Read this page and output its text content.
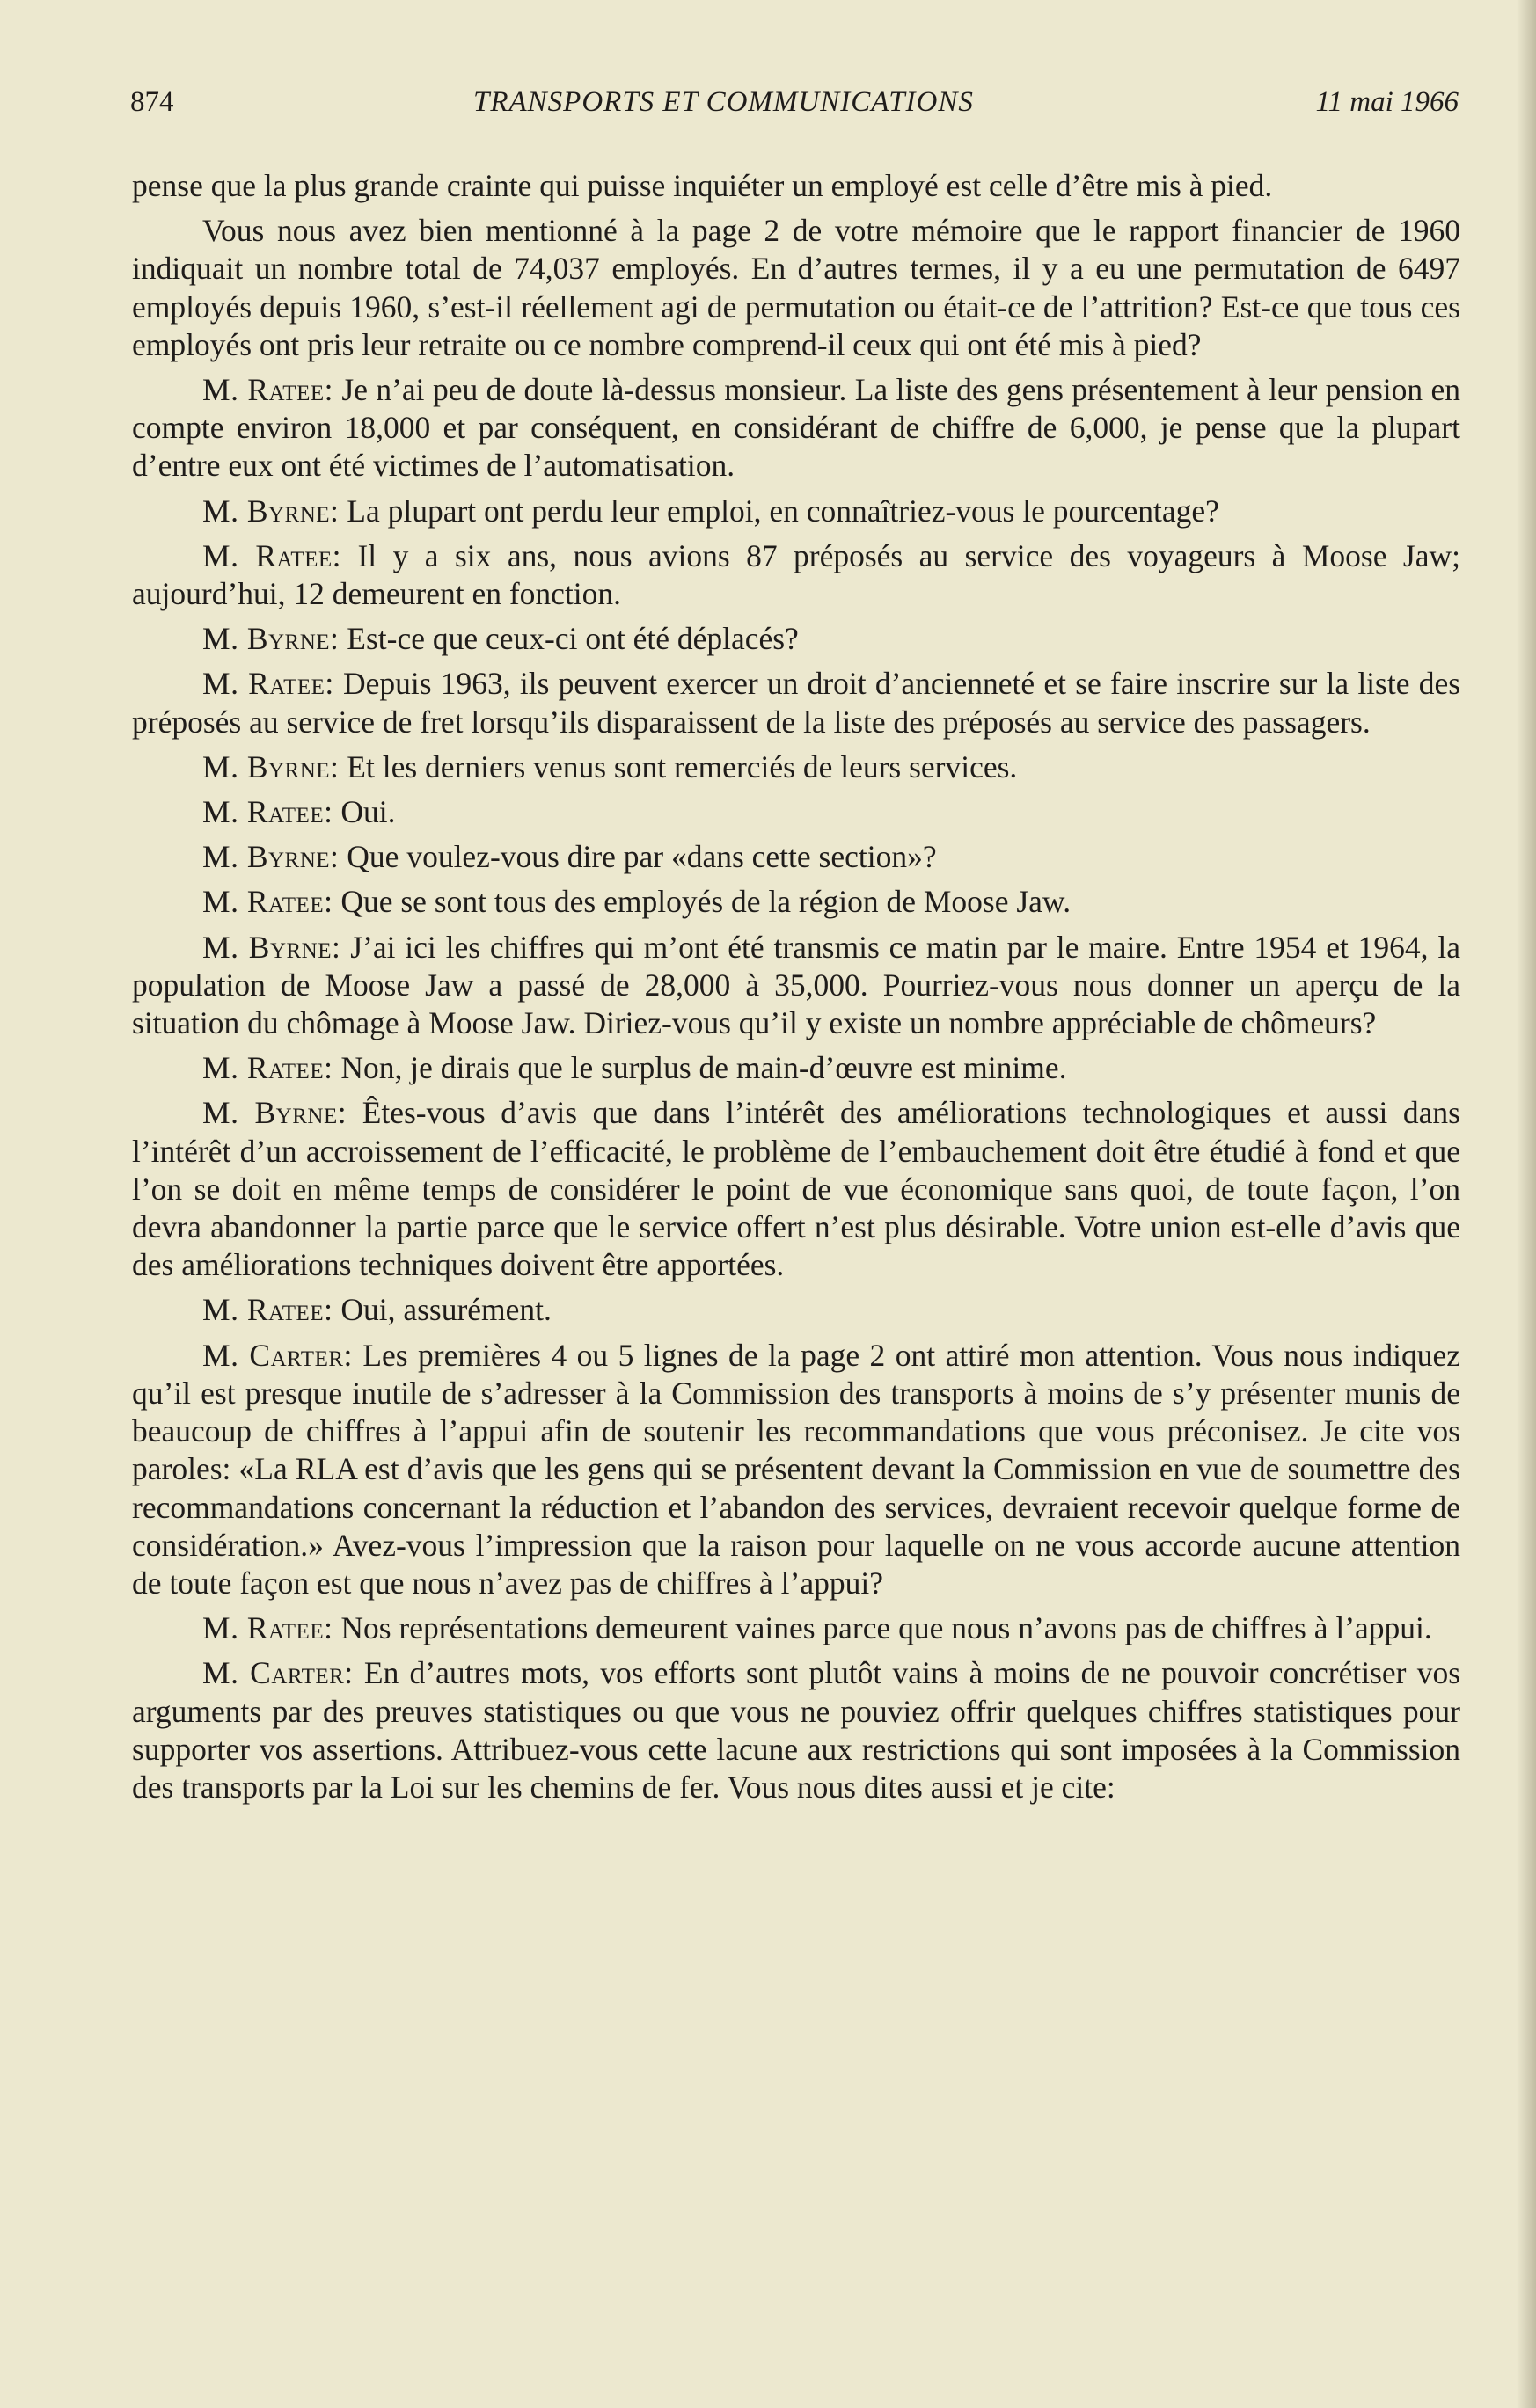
874	TRANSPORTS ET COMMUNICATIONS	11 mai 1966

pense que la plus grande crainte qui puisse inquiéter un employé est celle d’être mis à pied.

Vous nous avez bien mentionné à la page 2 de votre mémoire que le rapport financier de 1960 indiquait un nombre total de 74,037 employés. En d’autres termes, il y a eu une permutation de 6497 employés depuis 1960, s’est-il réellement agi de permutation ou était-ce de l’attrition? Est-ce que tous ces employés ont pris leur retraite ou ce nombre comprend-il ceux qui ont été mis à pied?

M. Ratee: Je n’ai peu de doute là-dessus monsieur. La liste des gens présentement à leur pension en compte environ 18,000 et par conséquent, en considérant de chiffre de 6,000, je pense que la plupart d’entre eux ont été victimes de l’automatisation.

M. Byrne: La plupart ont perdu leur emploi, en connaîtriez-vous le pourcentage?

M. Ratee: Il y a six ans, nous avions 87 préposés au service des voyageurs à Moose Jaw; aujourd’hui, 12 demeurent en fonction.

M. Byrne: Est-ce que ceux-ci ont été déplacés?

M. Ratee: Depuis 1963, ils peuvent exercer un droit d’ancienneté et se faire inscrire sur la liste des préposés au service de fret lorsqu’ils disparaissent de la liste des préposés au service des passagers.

M. Byrne: Et les derniers venus sont remerciés de leurs services.

M. Ratee: Oui.

M. Byrne: Que voulez-vous dire par «dans cette section»?

M. Ratee: Que se sont tous des employés de la région de Moose Jaw.

M. Byrne: J’ai ici les chiffres qui m’ont été transmis ce matin par le maire. Entre 1954 et 1964, la population de Moose Jaw a passé de 28,000 à 35,000. Pourriez-vous nous donner un aperçu de la situation du chômage à Moose Jaw. Diriez-vous qu’il y existe un nombre appréciable de chômeurs?

M. Ratee: Non, je dirais que le surplus de main-d’œuvre est minime.

M. Byrne: Êtes-vous d’avis que dans l’intérêt des améliorations technologiques et aussi dans l’intérêt d’un accroissement de l’efficacité, le problème de l’embauchement doit être étudié à fond et que l’on se doit en même temps de considérer le point de vue économique sans quoi, de toute façon, l’on devra abandonner la partie parce que le service offert n’est plus désirable. Votre union est-elle d’avis que des améliorations techniques doivent être apportées.

M. Ratee: Oui, assurément.

M. Carter: Les premières 4 ou 5 lignes de la page 2 ont attiré mon attention. Vous nous indiquez qu’il est presque inutile de s’adresser à la Commission des transports à moins de s’y présenter munis de beaucoup de chiffres à l’appui afin de soutenir les recommandations que vous préconisez. Je cite vos paroles: «La RLA est d’avis que les gens qui se présentent devant la Commission en vue de soumettre des recommandations concernant la réduction et l’abandon des services, devraient recevoir quelque forme de considération.» Avez-vous l’impression que la raison pour laquelle on ne vous accorde aucune attention de toute façon est que nous n’avez pas de chiffres à l’appui?

M. Ratee: Nos représentations demeurent vaines parce que nous n’avons pas de chiffres à l’appui.

M. Carter: En d’autres mots, vos efforts sont plutôt vains à moins de ne pouvoir concrétiser vos arguments par des preuves statistiques ou que vous ne pouviez offrir quelques chiffres statistiques pour supporter vos assertions. Attribuez-vous cette lacune aux restrictions qui sont imposées à la Commission des transports par la Loi sur les chemins de fer. Vous nous dites aussi et je cite:
